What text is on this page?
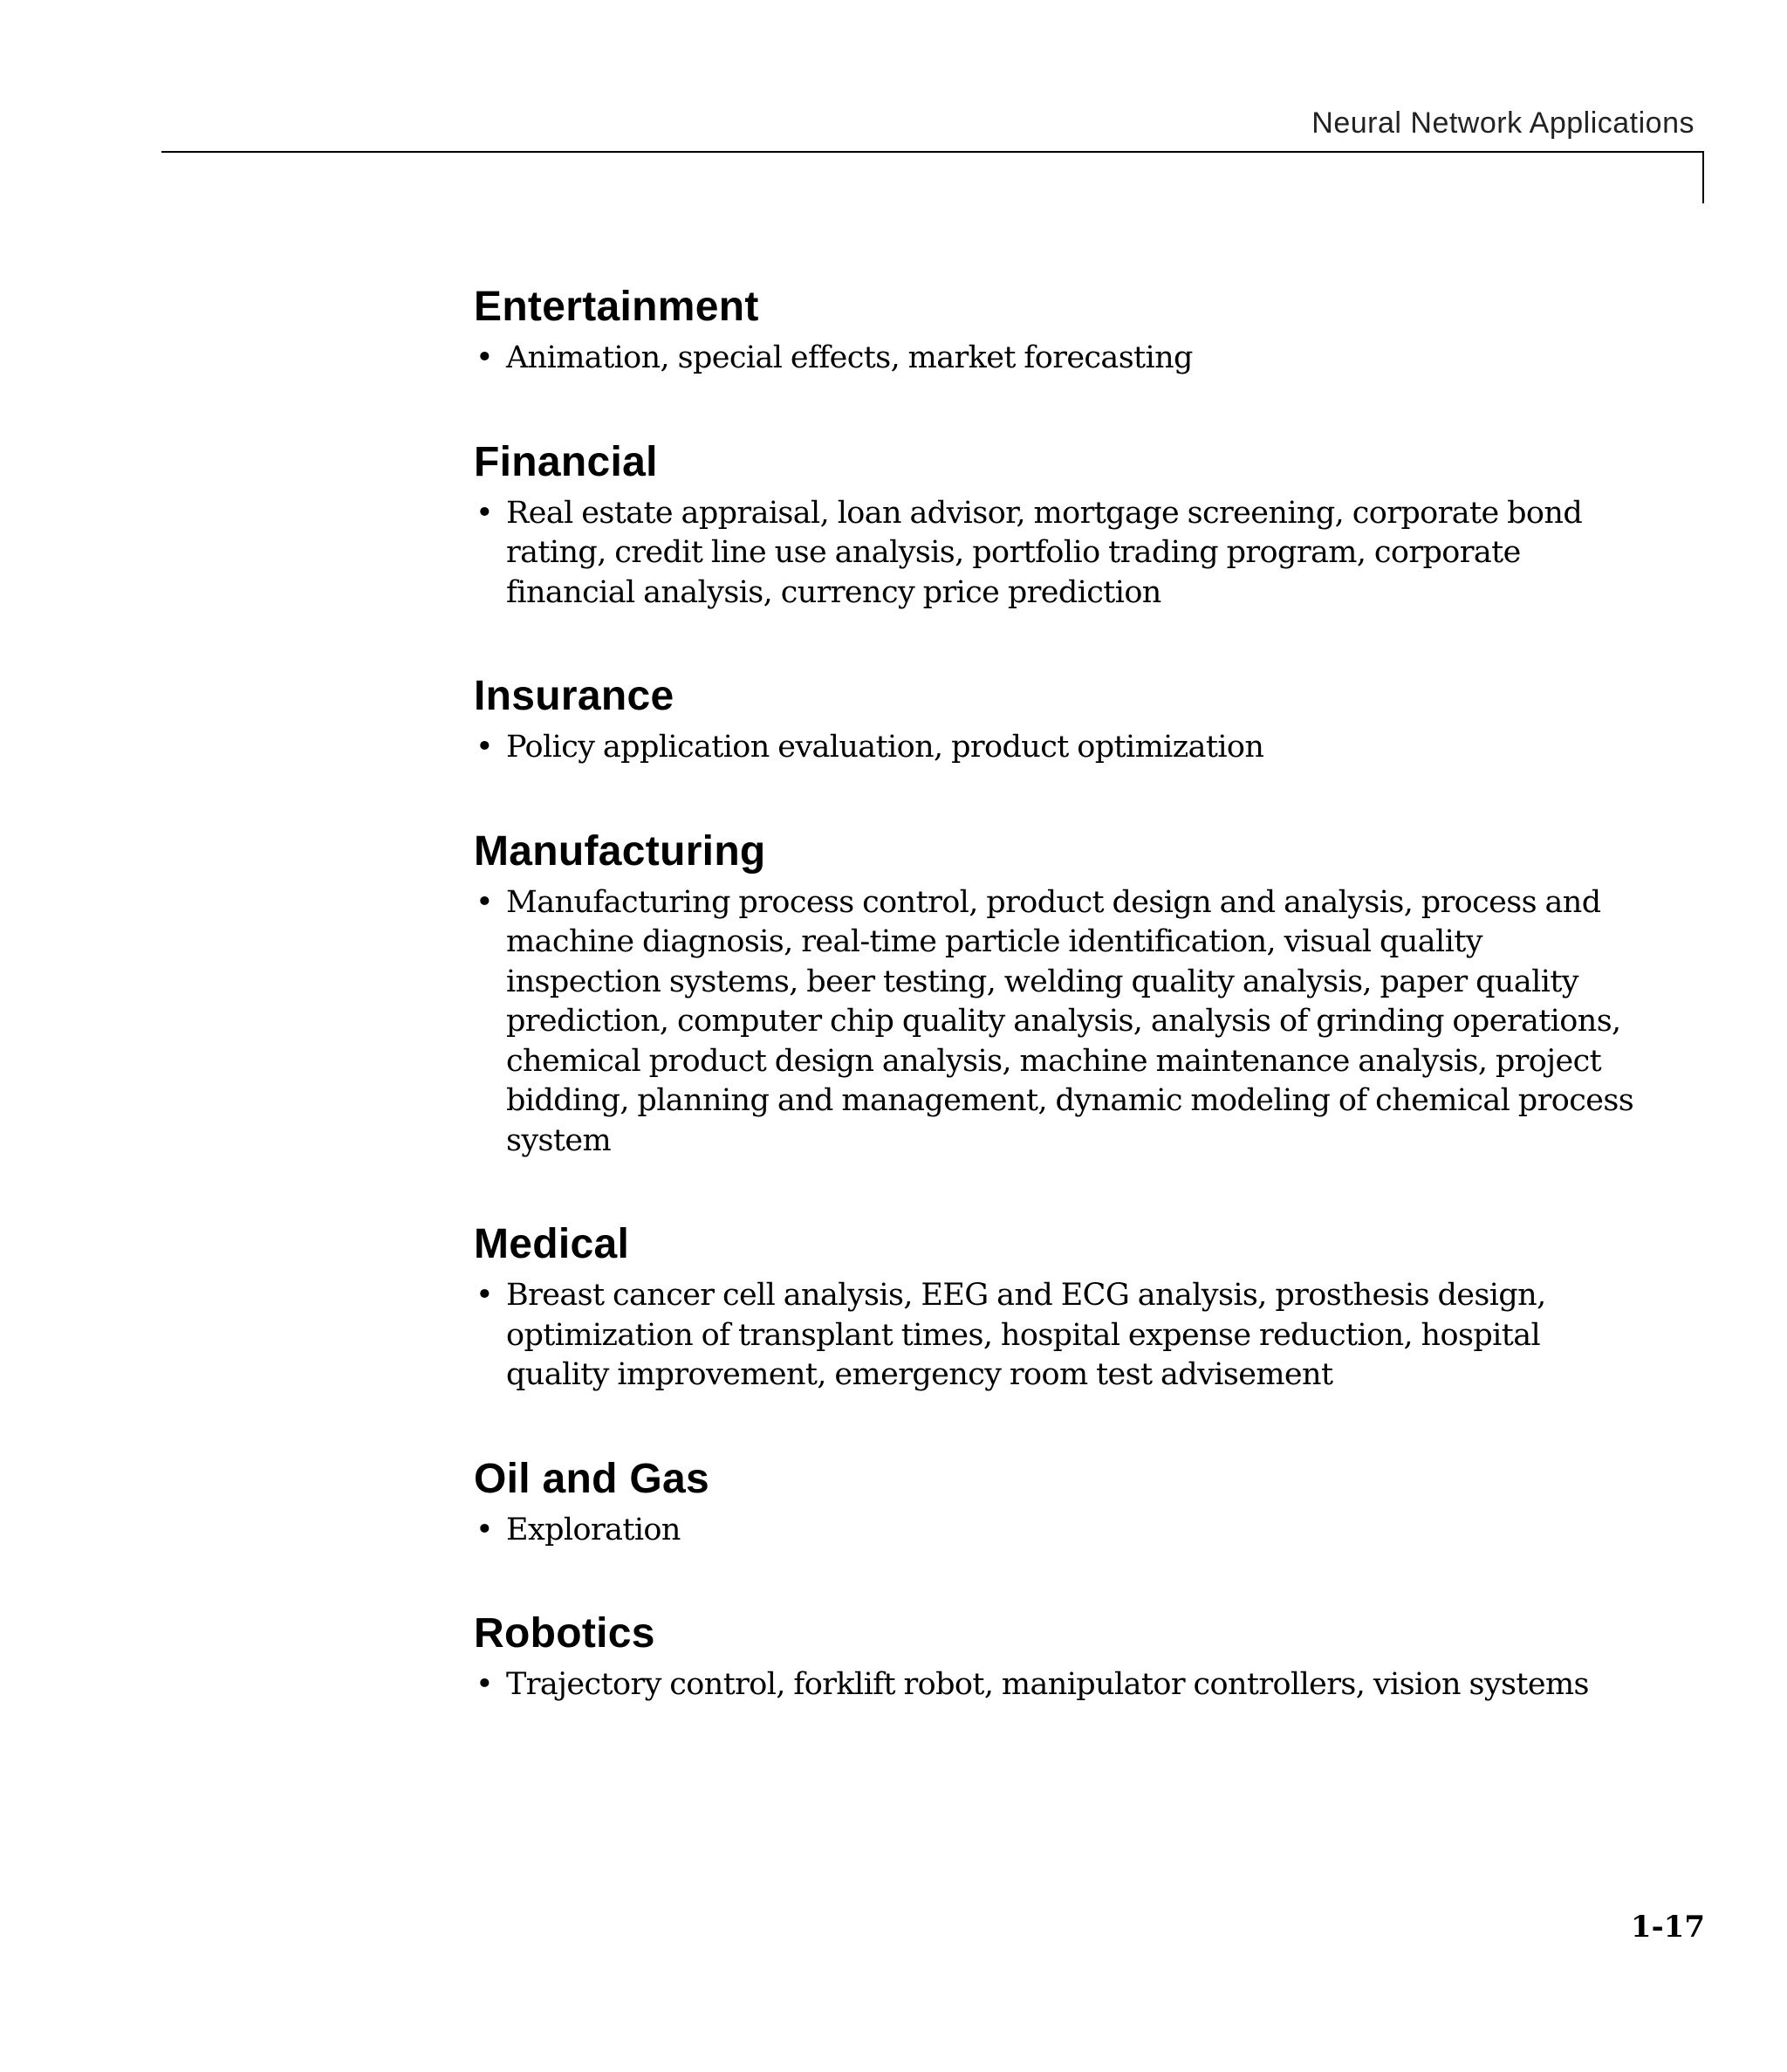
Neural Network Applications
Entertainment
• Animation, special effects, market forecasting
Financial
• Real estate appraisal, loan advisor, mortgage screening, corporate bond rating, credit line use analysis, portfolio trading program, corporate financial analysis, currency price prediction
Insurance
• Policy application evaluation, product optimization
Manufacturing
• Manufacturing process control, product design and analysis, process and machine diagnosis, real-time particle identification, visual quality inspection systems, beer testing, welding quality analysis, paper quality prediction, computer chip quality analysis, analysis of grinding operations, chemical product design analysis, machine maintenance analysis, project bidding, planning and management, dynamic modeling of chemical process system
Medical
• Breast cancer cell analysis, EEG and ECG analysis, prosthesis design, optimization of transplant times, hospital expense reduction, hospital quality improvement, emergency room test advisement
Oil and Gas
• Exploration
Robotics
• Trajectory control, forklift robot, manipulator controllers, vision systems
1-17
